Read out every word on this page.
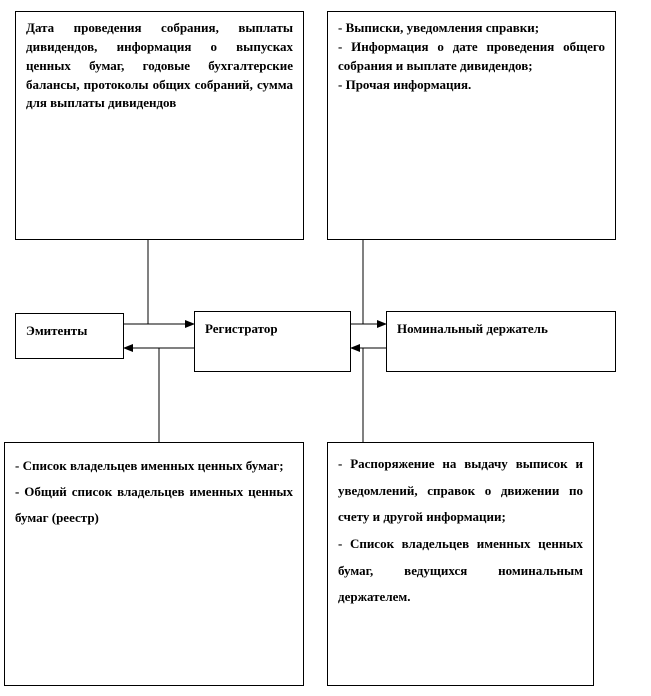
Дата проведения собрания, выплаты дивидендов, информация о выпусках ценных бумаг, годовые бухгалтерские балансы, протоколы общих собраний, сумма для выплаты дивидендов

- Выписки, уведомления справки;

- Информация о дате проведения общего собрания и выплате дивидендов;

- Прочая информация.

Эмитенты	Регистратор	Номинальный держатель

- Список владельцев именных ценных бумаг;

- Общий список владельцев именных ценных бумаг (реестр)

- Распоряжение на выдачу выписок и уведомлений, справок о движении по счету и другой информации;

- Список владельцев именных ценных бумаг, ведущихся номинальным держателем.
